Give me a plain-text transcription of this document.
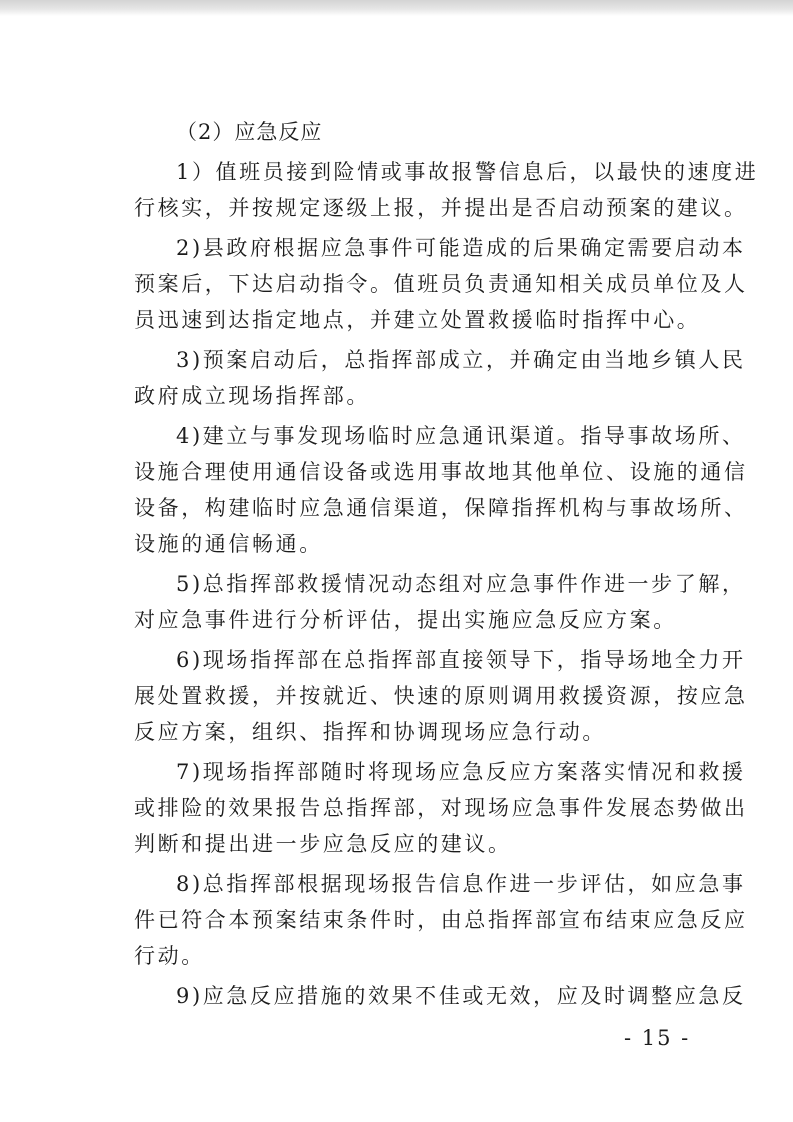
（2）应急反应
1）值班员接到险情或事故报警信息后，以最快的速度进
行核实，并按规定逐级上报，并提出是否启动预案的建议。
2)县政府根据应急事件可能造成的后果确定需要启动本
预案后，下达启动指令。值班员负责通知相关成员单位及人
员迅速到达指定地点，并建立处置救援临时指挥中心。
3)预案启动后，总指挥部成立，并确定由当地乡镇人民
政府成立现场指挥部。
4)建立与事发现场临时应急通讯渠道。指导事故场所、
设施合理使用通信设备或选用事故地其他单位、设施的通信
设备，构建临时应急通信渠道，保障指挥机构与事故场所、
设施的通信畅通。
5)总指挥部救援情况动态组对应急事件作进一步了解，
对应急事件进行分析评估，提出实施应急反应方案。
6)现场指挥部在总指挥部直接领导下，指导场地全力开
展处置救援，并按就近、快速的原则调用救援资源，按应急
反应方案，组织、指挥和协调现场应急行动。
7)现场指挥部随时将现场应急反应方案落实情况和救援
或排险的效果报告总指挥部，对现场应急事件发展态势做出
判断和提出进一步应急反应的建议。
8)总指挥部根据现场报告信息作进一步评估，如应急事
件已符合本预案结束条件时，由总指挥部宣布结束应急反应
行动。
9)应急反应措施的效果不佳或无效，应及时调整应急反
- 15 -
